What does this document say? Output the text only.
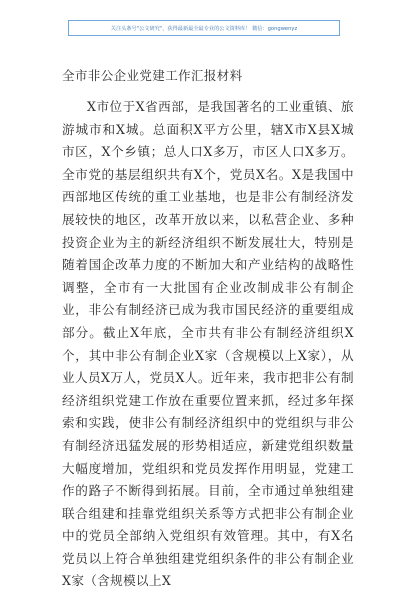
关注头条号"公文研究"，获得最新最全最专业的公文资料库！ 微信：gongwenyz
全市非公企业党建工作汇报材料

X市位于X省西部，是我国著名的工业重镇、旅游城市和X城。总面积X平方公里，辖X市X县X城市区，X个乡镇；总人口X多万，市区人口X多万。全市党的基层组织共有X个，党员X名。X是我国中西部地区传统的重工业基地，也是非公有制经济发展较快的地区，改革开放以来，以私营企业、多种投资企业为主的新经济组织不断发展壮大，特别是随着国企改革力度的不断加大和产业结构的战略性调整，全市有一大批国有企业改制成非公有制企业，非公有制经济已成为我市国民经济的重要组成部分。截止X年底，全市共有非公有制经济组织X个，其中非公有制企业X家（含规模以上X家），从业人员X万人，党员X人。近年来，我市把非公有制经济组织党建工作放在重要位置来抓，经过多年探索和实践，使非公有制经济组织中的党组织与非公有制经济迅猛发展的形势相适应，新建党组织数量大幅度增加，党组织和党员发挥作用明显，党建工作的路子不断得到拓展。目前，全市通过单独组建联合组建和挂靠党组织关系等方式把非公有制企业中的党员全部纳入党组织有效管理。其中，有X名党员以上符合单独组建党组织条件的非公有制企业X家（含规模以上X
